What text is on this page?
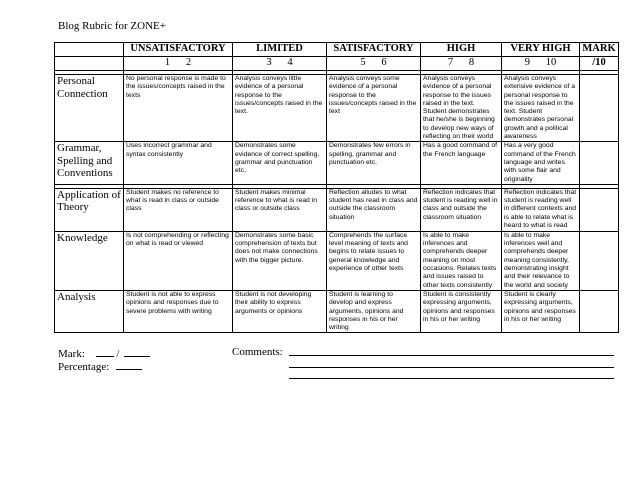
Blog Rubric for ZONE+
	UNSATISFACTORY	LIMITED	SATISFACTORY	HIGH	VERY HIGH	MARK
	1      2	3      4	5      6	7      8	9      10	/10

Personal Connection	No personal response is made to the issues/concepts raised in the texts	Analysis conveys little evidence of a personal response to the issues/concepts raised in the text.	Analysis conveys some evidence of a personal response to the issues/concepts raised in the text	Analysis conveys evidence of a personal response to the issues raised in the text. Student demonstrates that he/she is beginning to develop new ways of reflecting on their world	Analysis conveys extensive evidence of a personal response to the issues raised in the text. Student demonstrates personal growth and a political awareness	
Grammar, Spelling and Conventions	Uses incorrect grammar and syntax consistently	Demonstrates some evidence of correct spelling, grammar and punctuation etc.	Demonstrates few errors in spelling, grammar and punctuation etc.	Has a good command of the French language	Has a very good command of the French language and writes with some flair and originality	

Application of Theory	Student makes no reference to what is read in class or outside class	Student makes minimal reference to what is read in class or outside class	Reflection alludes to what student has read in class and outside the classroom situation	Reflection indicates that student is reading well in class and outside the classroom situation	Reflection indicates that student is reading well in different contexts and is able to relate what is heard to what is read	
Knowledge	Is not comprehending or reflecting on what is read or viewed	Demonstrates some basic comprehension of texts but does not make connections with the bigger picture.	Comprehends the surface level meaning of texts and begins to relate issues to general knowledge and experience of other texts	Is able to make inferences and comprehends deeper meaning on most occasions. Relates texts and issues raised to other texts consistently	Is able to make inferences well and comprehends deeper meaning consistently, demonstrating insight and their relevance to the world and society	
Analysis	Student is not able to express opinions and responses due to severe problems with writing	Student is not developing their ability to express arguments or opinions	Student is learning to develop and express arguments, opinions and responses in his or her writing	Student is consistently expressing arguments, opinions and responses in his or her writing	Student is clearly expressing arguments, opinions and responses in his or her writing	
Mark:	/
Percentage:
Comments:
